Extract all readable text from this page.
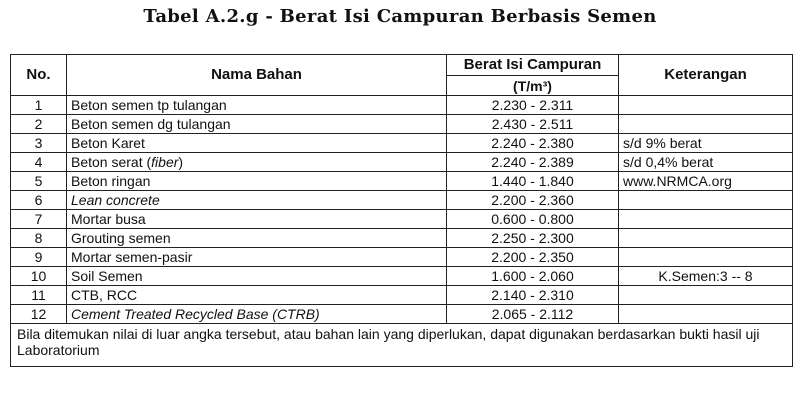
Tabel A.2.g - Berat Isi Campuran Berbasis Semen
No.	Nama Bahan	Berat Isi Campuran	Keterangan
		(T/m³)	
1	Beton semen tp tulangan	2.230 - 2.311	
2	Beton semen dg tulangan	2.430 - 2.511	
3	Beton Karet	2.240 - 2.380	s/d 9% berat
4	Beton serat (fiber)	2.240 - 2.389	s/d 0,4% berat
5	Beton ringan	1.440 - 1.840	www.NRMCA.org
6	Lean concrete	2.200 - 2.360	
7	Mortar busa	0.600 - 0.800	
8	Grouting semen	2.250 - 2.300	
9	Mortar semen-pasir	2.200 - 2.350	
10	Soil Semen	1.600 - 2.060	K.Semen:3 -- 8
11	CTB, RCC	2.140 - 2.310	
12	Cement Treated Recycled Base (CTRB)	2.065 - 2.112	
Bila ditemukan nilai di luar angka tersebut, atau bahan lain yang diperlukan, dapat digunakan berdasarkan bukti hasil uji Laboratorium			
